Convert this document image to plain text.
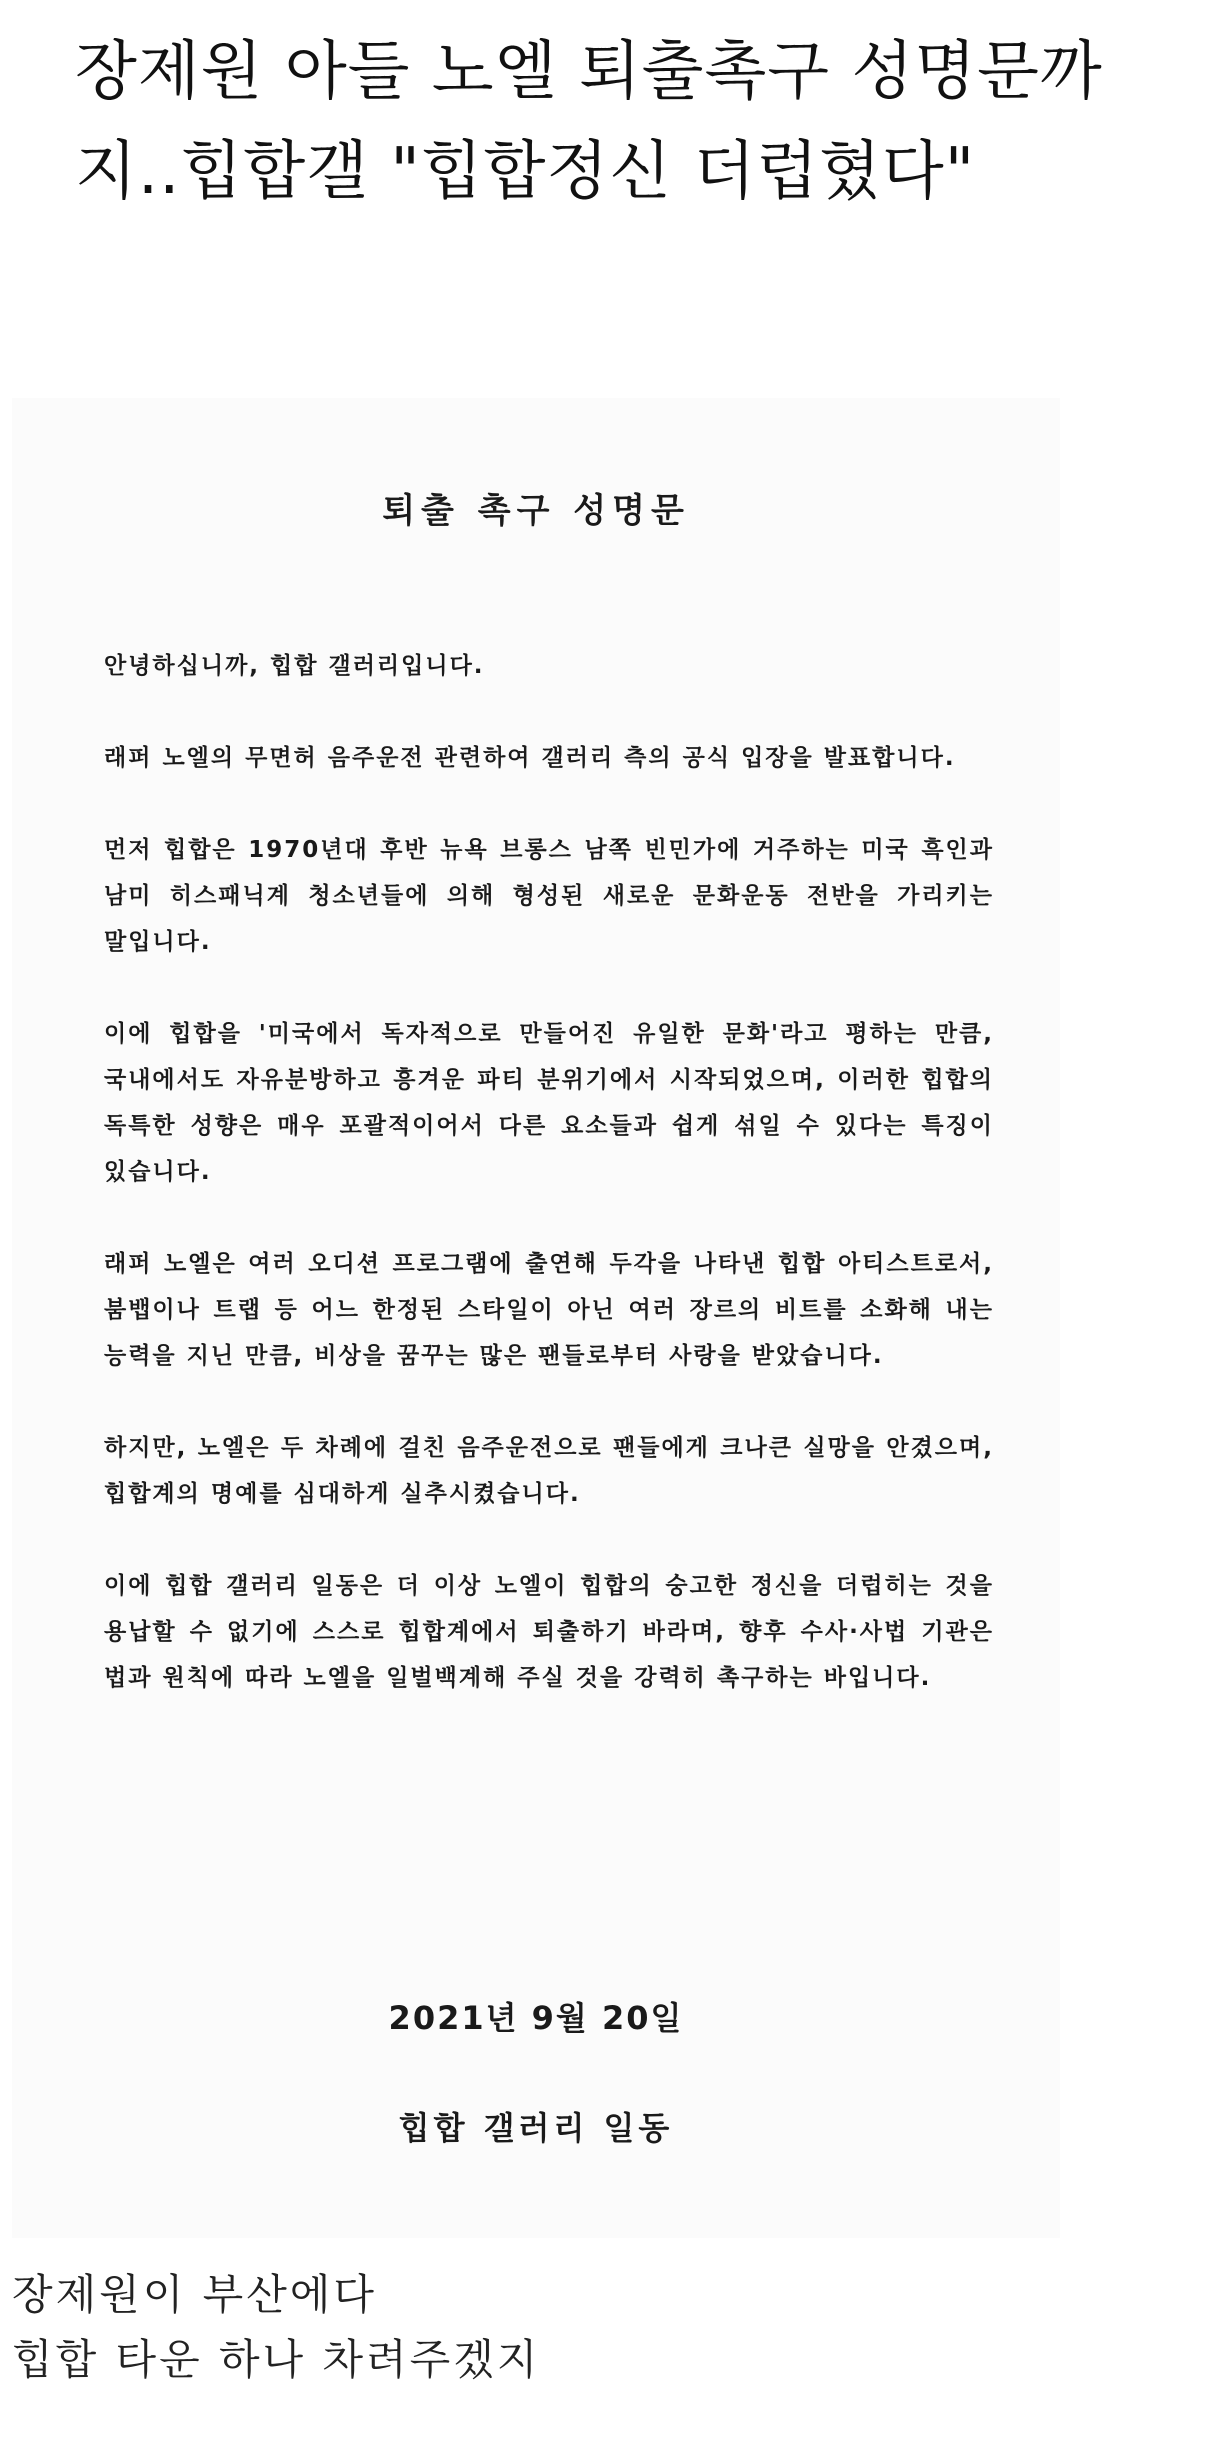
장제원 아들 노엘 퇴출촉구 성명문까지..힙합갤 "힙합정신 더럽혔다"
퇴출 촉구 성명문

안녕하십니까, 힙합 갤러리입니다.

래퍼 노엘의 무면허 음주운전 관련하여 갤러리 측의 공식 입장을 발표합니다.

먼저 힙합은 1970년대 후반 뉴욕 브롱스 남쪽 빈민가에 거주하는 미국 흑인과 남미 히스패닉계 청소년들에 의해 형성된 새로운 문화운동 전반을 가리키는 말입니다.

이에 힙합을 '미국에서 독자적으로 만들어진 유일한 문화'라고 평하는 만큼, 국내에서도 자유분방하고 흥겨운 파티 분위기에서 시작되었으며, 이러한 힙합의 독특한 성향은 매우 포괄적이어서 다른 요소들과 쉽게 섞일 수 있다는 특징이 있습니다.

래퍼 노엘은 여러 오디션 프로그램에 출연해 두각을 나타낸 힙합 아티스트로서, 붐뱁이나 트랩 등 어느 한정된 스타일이 아닌 여러 장르의 비트를 소화해 내는 능력을 지닌 만큼, 비상을 꿈꾸는 많은 팬들로부터 사랑을 받았습니다.

하지만, 노엘은 두 차례에 걸친 음주운전으로 팬들에게 크나큰 실망을 안겼으며, 힙합계의 명예를 심대하게 실추시켰습니다.

이에 힙합 갤러리 일동은 더 이상 노엘이 힙합의 숭고한 정신을 더럽히는 것을 용납할 수 없기에 스스로 힙합계에서 퇴출하기 바라며, 향후 수사·사법 기관은 법과 원칙에 따라 노엘을 일벌백계해 주실 것을 강력히 촉구하는 바입니다.

2021년 9월 20일
힙합 갤러리 일동
장제원이 부산에다
힙합 타운 하나 차려주겠지
